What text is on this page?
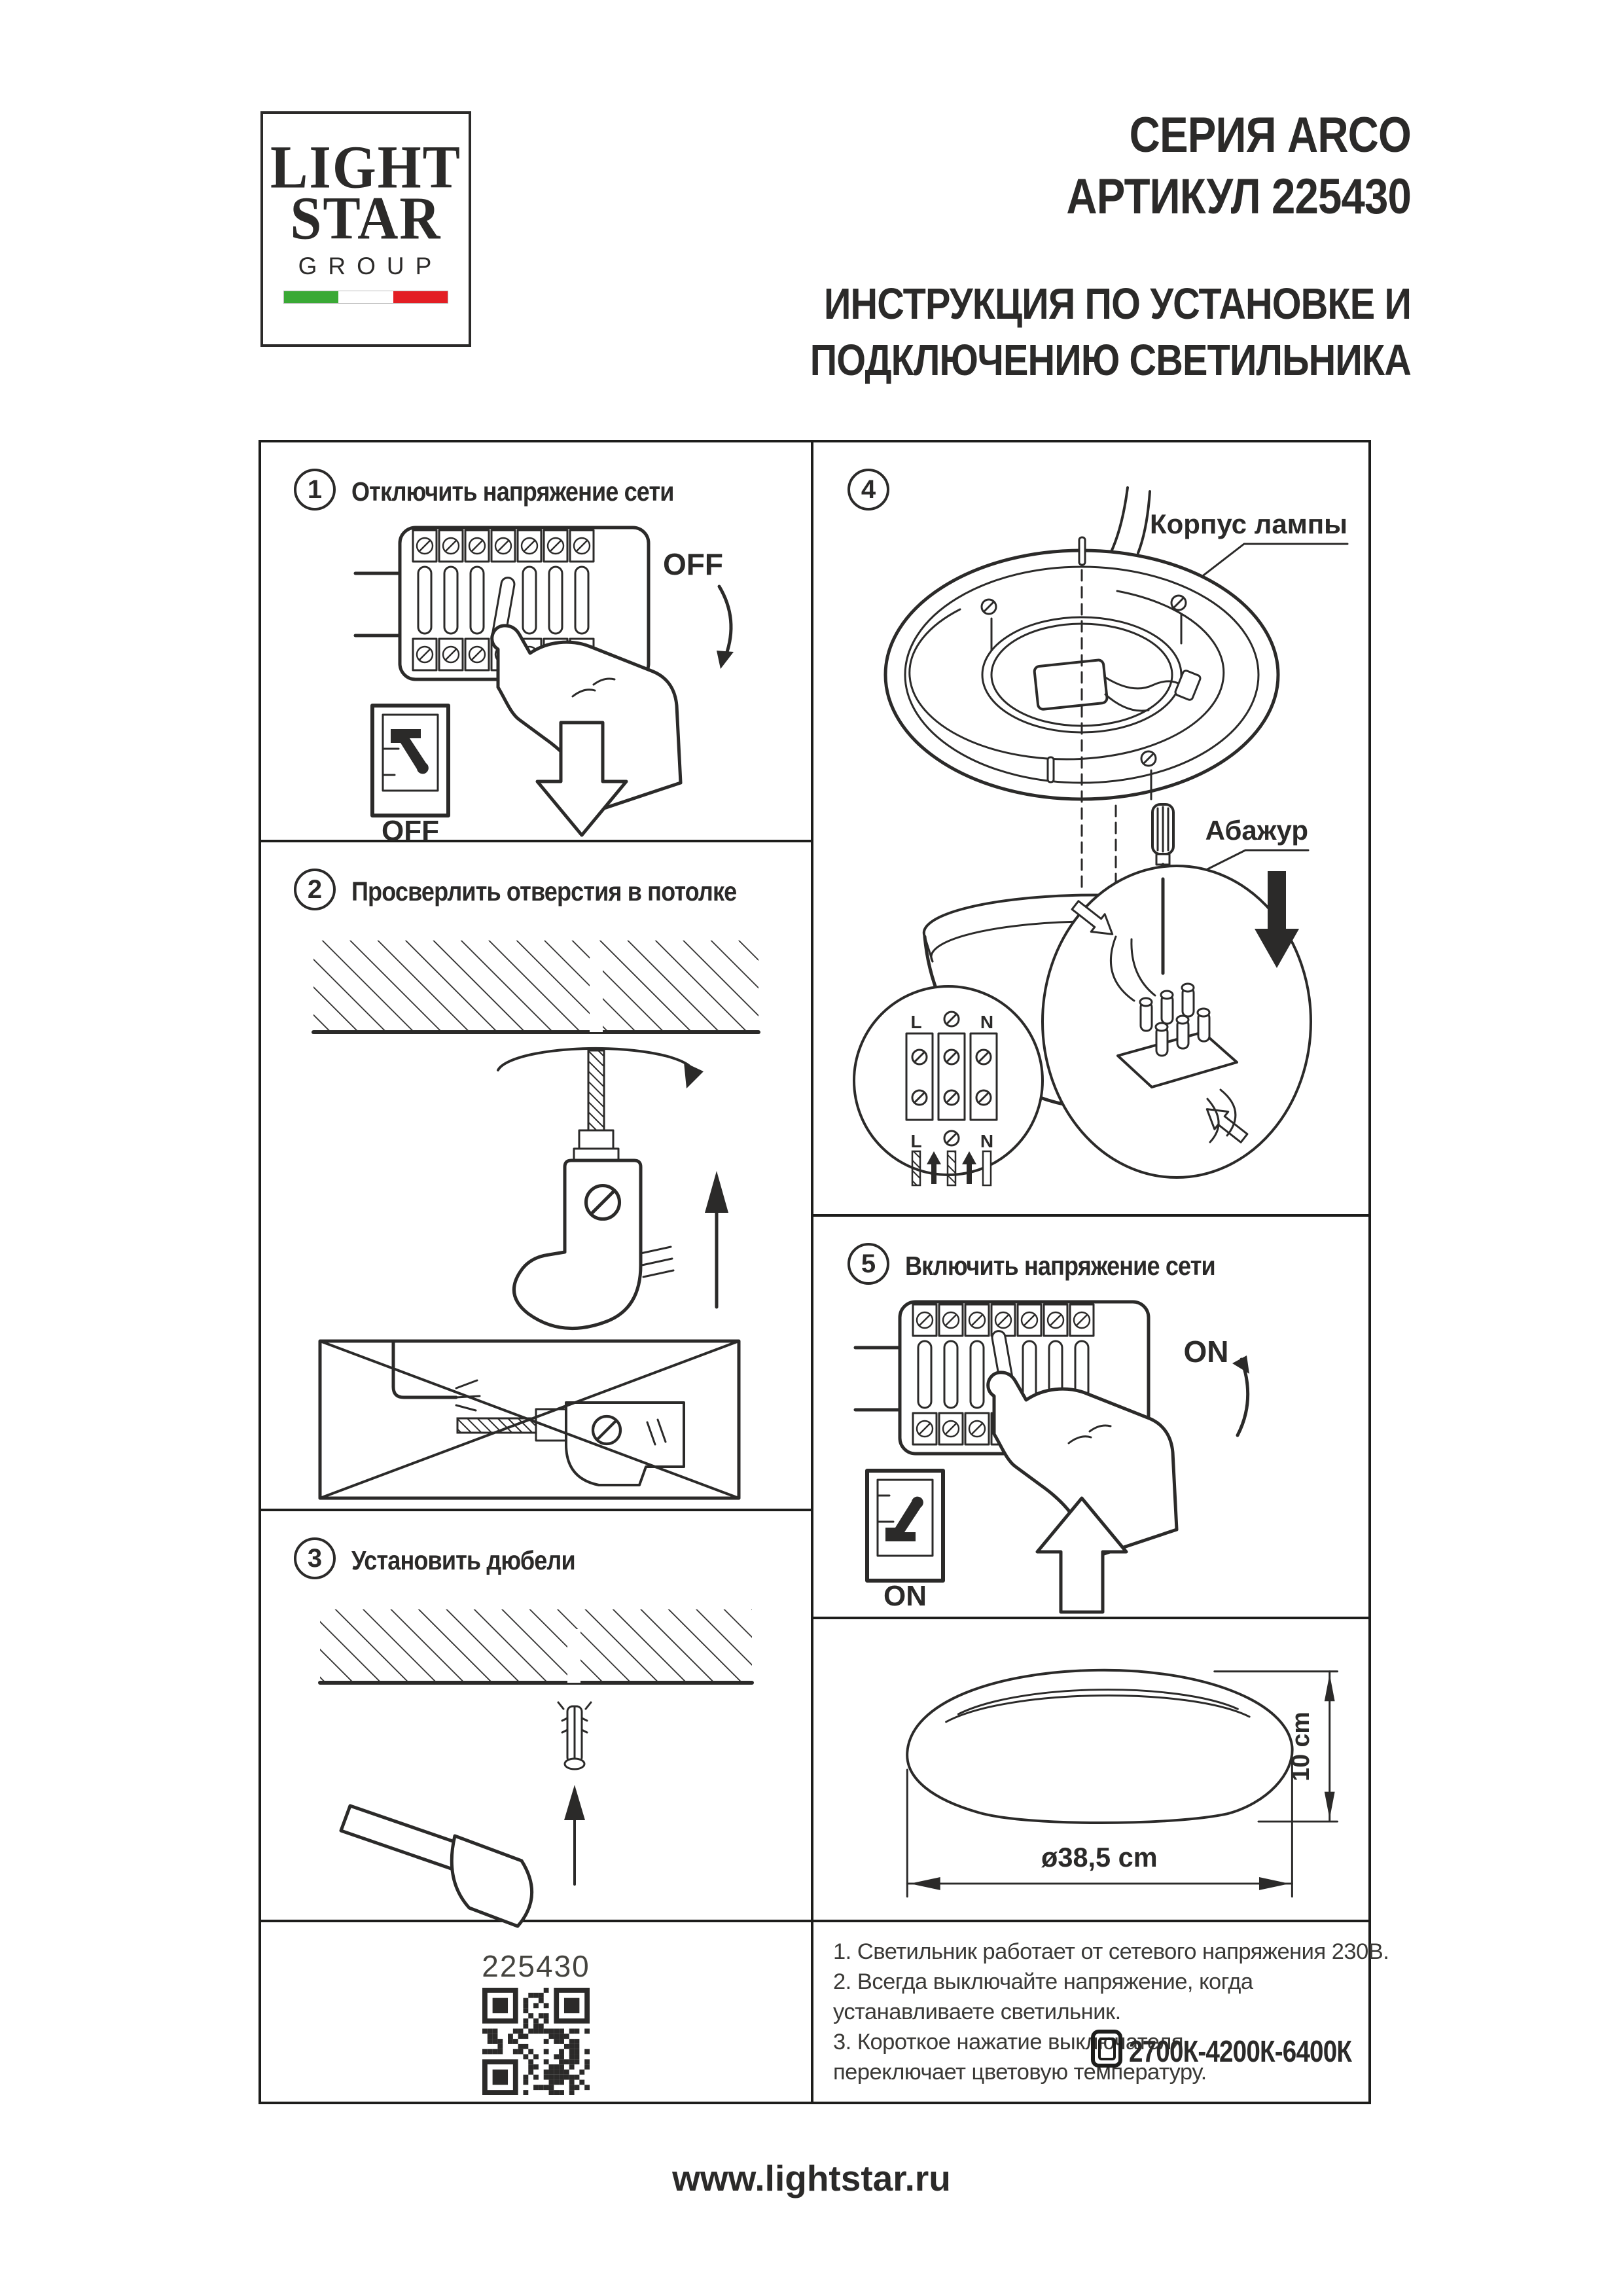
LIGHT
STAR
GROUP
СЕРИЯ ARCO
АРТИКУЛ 225430
ИНСТРУКЦИЯ ПО УСТАНОВКЕ И
ПОДКЛЮЧЕНИЮ СВЕТИЛЬНИКА
1 Отключить напряжение сети
OFF
OFF
2 Просверлить отверстия в потолке
3 Установить дюбели
225430
4
Корпус лампы
Абажур
L	N
L	N
5 Включить напряжение сети
ON
ON
10 cm
ø38,5 cm

1. Светильник работает от сетевого напряжения 230В.

2. Всегда выключайте напряжение, когда устанавливаете светильник.

3. Короткое нажатие выключателя переключает цветовую температуру.

2700К-4200К-6400К
www.lightstar.ru
